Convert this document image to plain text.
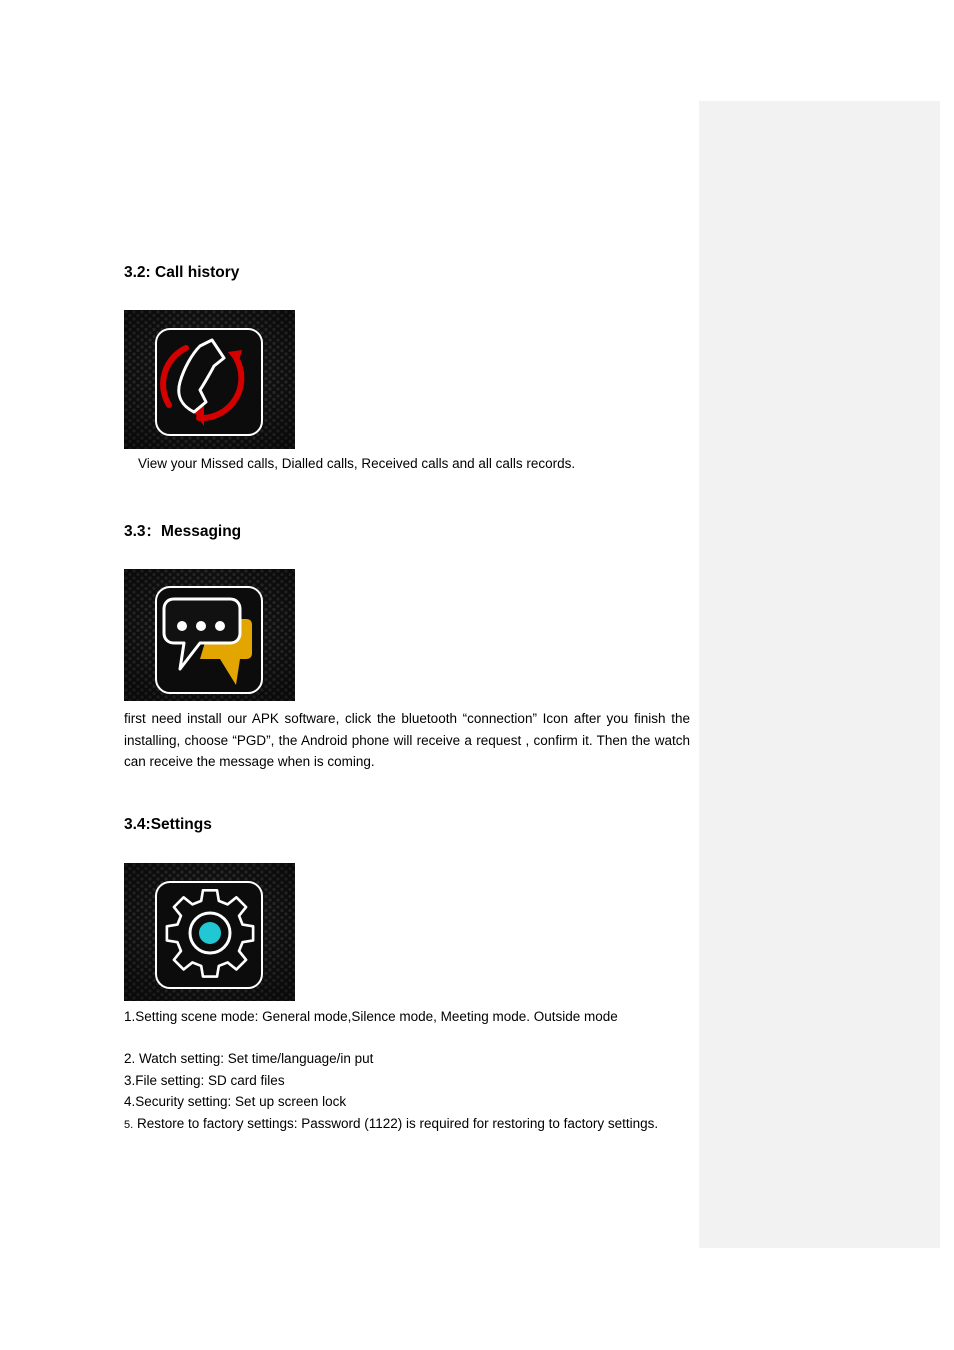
3.2: Call history

View your Missed calls, Dialled calls, Received calls and all calls records.

3.3：Messaging

first need install our APK software, click the bluetooth “connection” Icon after you finish the installing, choose “PGD”, the Android phone will receive a request , confirm it. Then the watch can receive the message when is coming.

3.4:Settings

1.Setting scene mode: General mode,Silence mode, Meeting mode. Outside mode

2. Watch setting: Set time/language/in put
3.File setting: SD card files
4.Security setting: Set up screen lock
5. Restore to factory settings: Password (1122) is required for restoring to factory settings.
